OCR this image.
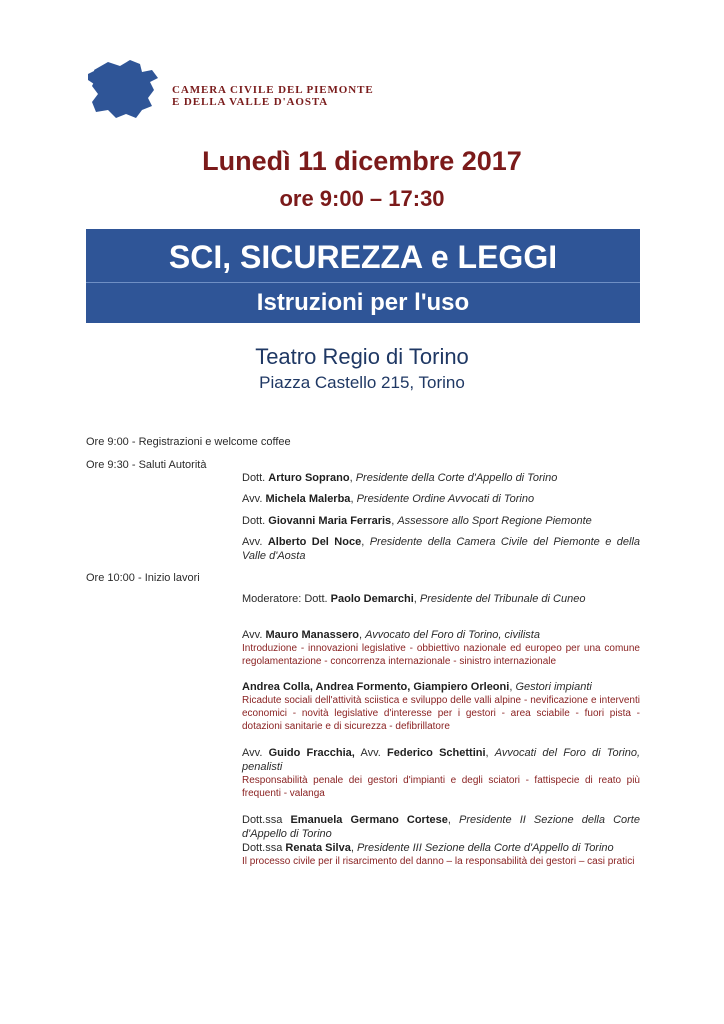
CAMERA CIVILE DEL PIEMONTE
E DELLA VALLE D'AOSTA
Lunedì 11 dicembre 2017
ore 9:00 – 17:30
SCI, SICUREZZA e LEGGI
Istruzioni per l'uso
Teatro Regio di Torino
Piazza Castello 215, Torino
Ore 9:00 - Registrazioni e welcome coffee
Ore 9:30 - Saluti Autorità
Dott. Arturo Soprano, Presidente della Corte d'Appello di Torino
Avv. Michela Malerba, Presidente Ordine Avvocati di Torino
Dott. Giovanni Maria Ferraris, Assessore allo Sport Regione Piemonte
Avv. Alberto Del Noce, Presidente della Camera Civile del Piemonte e della Valle d'Aosta
Ore 10:00 - Inizio lavori
Moderatore: Dott. Paolo Demarchi, Presidente del Tribunale di Cuneo
Avv. Mauro Manassero, Avvocato del Foro di Torino, civilista
Introduzione - innovazioni legislative - obbiettivo nazionale ed europeo per una comune regolamentazione - concorrenza internazionale - sinistro internazionale
Andrea Colla, Andrea Formento, Giampiero Orleoni, Gestori impianti
Ricadute sociali dell'attività sciistica e sviluppo delle valli alpine - nevificazione e interventi economici - novità legislative d'interesse per i gestori - area sciabile - fuori pista - dotazioni sanitarie e di sicurezza - defibrillatore
Avv. Guido Fracchia, Avv. Federico Schettini, Avvocati del Foro di Torino, penalisti
Responsabilità penale dei gestori d'impianti e degli sciatori - fattispecie di reato più frequenti - valanga
Dott.ssa Emanuela Germano Cortese, Presidente II Sezione della Corte d'Appello di Torino
Dott.ssa Renata Silva, Presidente III Sezione della Corte d'Appello di Torino
Il processo civile per il risarcimento del danno – la responsabilità dei gestori – casi pratici
